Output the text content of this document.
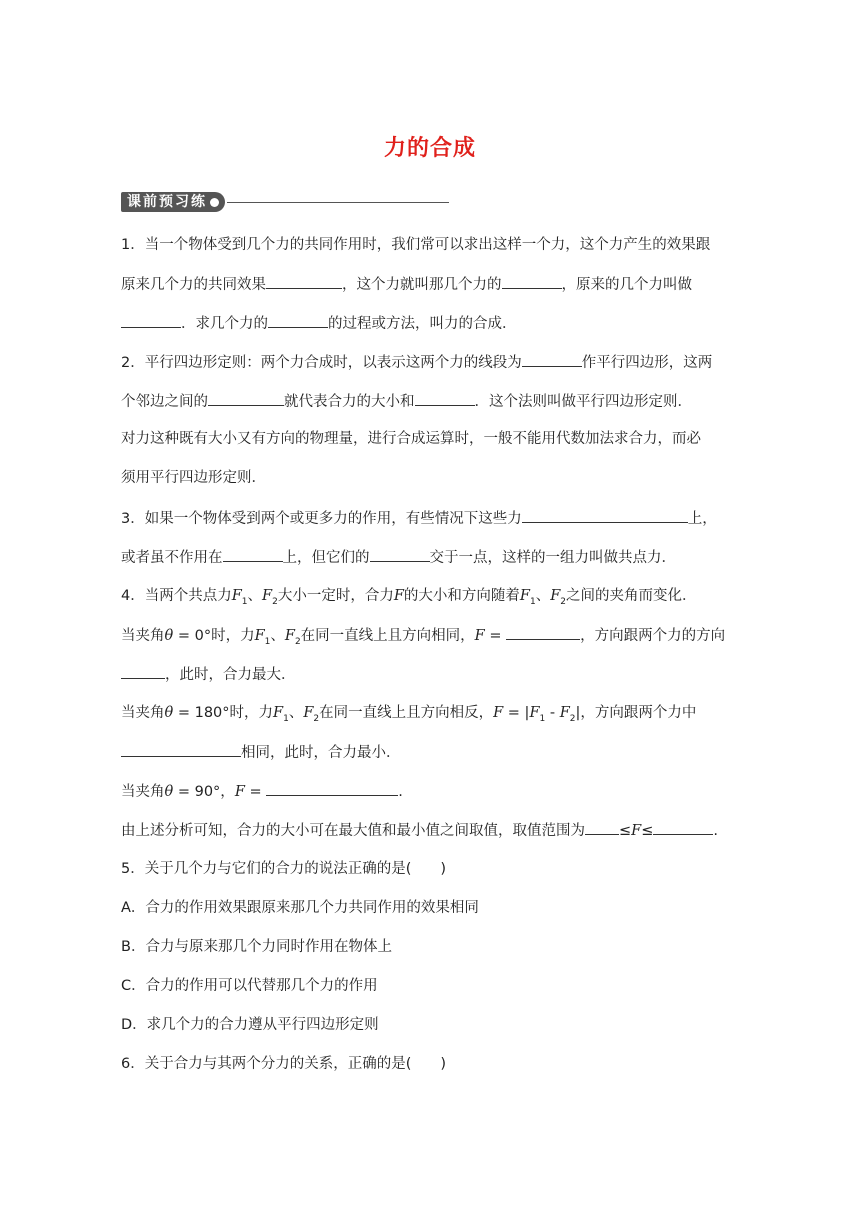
力的合成
课前预习练
1．当一个物体受到几个力的共同作用时，我们常可以求出这样一个力，这个力产生的效果跟
原来几个力的共同效果	，这个力就叫那几个力的	，原来的几个力叫做
．求几个力的	的过程或方法，叫力的合成．
2．平行四边形定则：两个力合成时，以表示这两个力的线段为	作平行四边形，这两
个邻边之间的	就代表合力的大小和	．这个法则叫做平行四边形定则．
对力这种既有大小又有方向的物理量，进行合成运算时，一般不能用代数加法求合力，而必
须用平行四边形定则．
3．如果一个物体受到两个或更多力的作用，有些情况下这些力	上，
或者虽不作用在	上，但它们的	交于一点，这样的一组力叫做共点力．
4．当两个共点力$F_1$、$F_2$大小一定时，合力F的大小和方向随着$F_1$、$F_2$之间的夹角而变化．
当夹角θ = 0°时，力$F_1$、$F_2$在同一直线上且方向相同，F =	，方向跟两个力的方向
，此时，合力最大．
当夹角θ = 180°时，力$F_1$、$F_2$在同一直线上且方向相反，$F = |F_1 - F_2|$，方向跟两个力中
相同，此时，合力最小．
当夹角θ = 90°，F =	.
由上述分析可知，合力的大小可在最大值和最小值之间取值，取值范围为 ≤F≤	.
5．关于几个力与它们的合力的说法正确的是(　　)
A．合力的作用效果跟原来那几个力共同作用的效果相同
B．合力与原来那几个力同时作用在物体上
C．合力的作用可以代替那几个力的作用
D．求几个力的合力遵从平行四边形定则
6．关于合力与其两个分力的关系，正确的是(　　)
